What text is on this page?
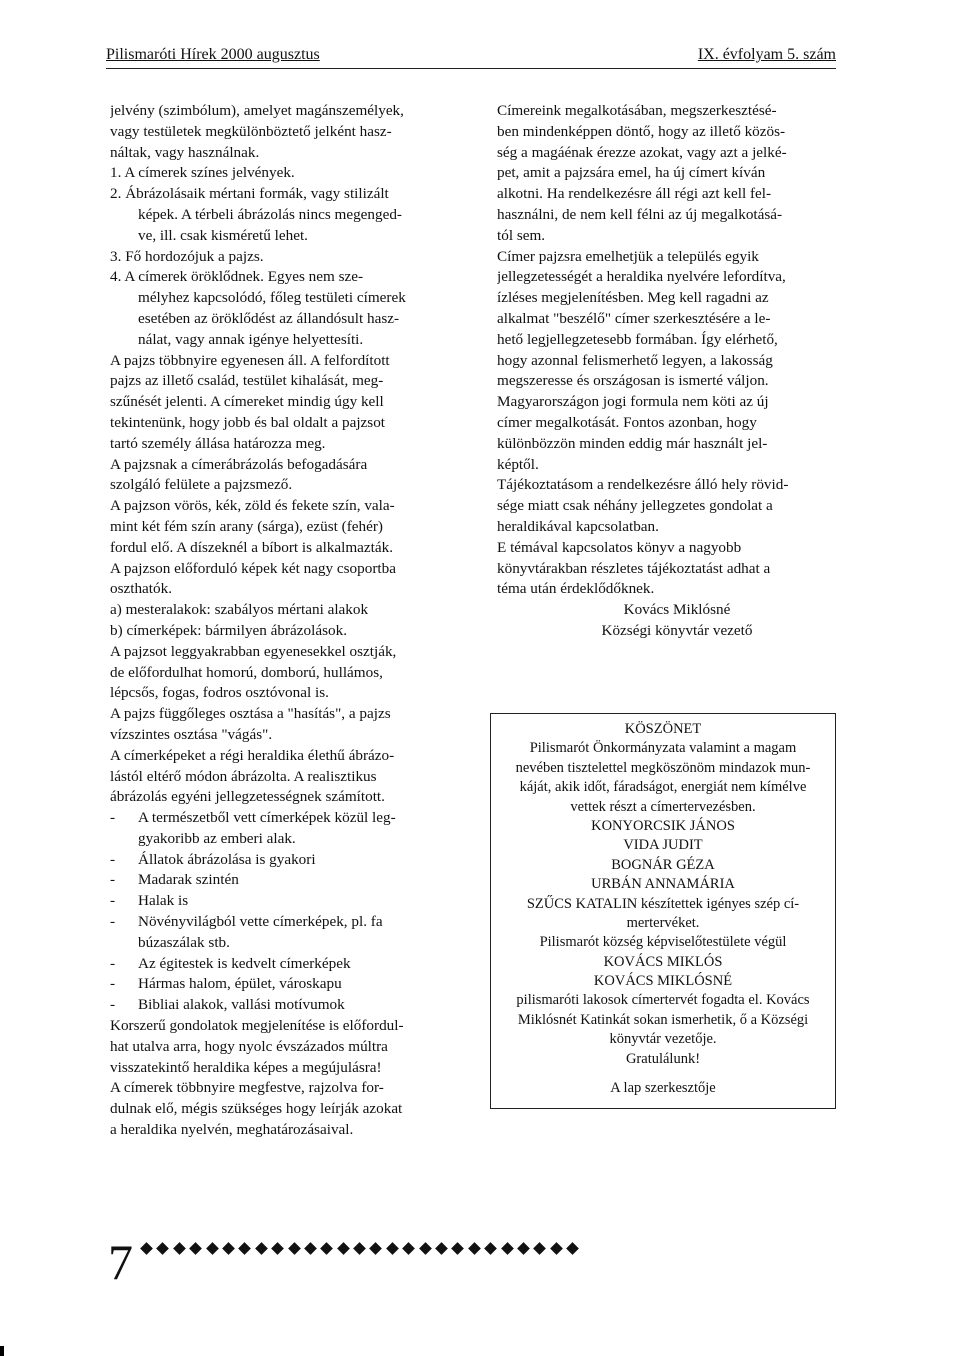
Pilismaróti Hírek 2000 augusztus	IX. évfolyam 5. szám
jelvény (szimbólum), amelyet magánszemélyek,
vagy testületek megkülönböztető jelként hasz-
náltak, vagy használnak.
1. A címerek színes jelvények.
2. Ábrázolásaik mértani formák, vagy stilizált
képek. A térbeli ábrázolás nincs megenged-
ve, ill. csak kisméretű lehet.
3. Fő hordozójuk a pajzs.
4. A címerek öröklődnek. Egyes nem sze-
mélyhez kapcsolódó, főleg testületi címerek
esetében az öröklődést az állandósult hasz-
nálat, vagy annak igénye helyettesíti.
A pajzs többnyire egyenesen áll. A felfordított
pajzs az illető család, testület kihalását, meg-
szűnését jelenti. A címereket mindig úgy kell
tekintenünk, hogy jobb és bal oldalt a pajzsot
tartó személy állása határozza meg.
A pajzsnak a címerábrázolás befogadására
szolgáló felülete a pajzsmező.
A pajzson vörös, kék, zöld és fekete szín, vala-
mint két fém szín arany (sárga), ezüst (fehér)
fordul elő. A díszeknél a bíbort is alkalmazták.
A pajzson előforduló képek két nagy csoportba
oszthatók.
a) mesteralakok: szabályos mértani alakok
b) címerképek: bármilyen ábrázolások.
A pajzsot leggyakrabban egyenesekkel osztják,
de előfordulhat homorú, domború, hullámos,
lépcsős, fogas, fodros osztóvonal is.
A pajzs függőleges osztása a "hasítás", a pajzs
vízszintes osztása "vágás".
A címerképeket a régi heraldika élethű ábrázo-
lástól eltérő módon ábrázolta. A realisztikus
ábrázolás egyéni jellegzetességnek számított.
- A természetből vett címerképek közül leg-
gyakoribb az emberi alak.
- Állatok ábrázolása is gyakori
- Madarak szintén
- Halak is
- Növényvilágból vette címerképek, pl. fa
búzaszálak stb.
- Az égitestek is kedvelt címerképek
- Hármas halom, épület, városkapu
- Bibliai alakok, vallási motívumok
Korszerű gondolatok megjelenítése is előfordul-
hat utalva arra, hogy nyolc évszázados múltra
visszatekintő heraldika képes a megújulásra!
A címerek többnyire megfestve, rajzolva for-
dulnak elő, mégis szükséges hogy leírják azokat
a heraldika nyelvén, meghatározásaival.
Címereink megalkotásában, megszerkesztésé-
ben mindenképpen döntő, hogy az illető közös-
ség a magáénak érezze azokat, vagy azt a jelké-
pet, amit a pajzsára emel, ha új címert kíván
alkotni. Ha rendelkezésre áll régi azt kell fel-
használni, de nem kell félni az új megalkotásá-
tól sem.
Címer pajzsra emelhetjük a település egyik
jellegzetességét a heraldika nyelvére lefordítva,
ízléses megjelenítésben. Meg kell ragadni az
alkalmat "beszélő" címer szerkesztésére a le-
hető legjellegzetesebb formában. Így elérhető,
hogy azonnal felismerhető legyen, a lakosság
megszeresse és országosan is ismerté váljon.
Magyarországon jogi formula nem köti az új
címer megalkotását. Fontos azonban, hogy
különbözzön minden eddig már használt jel-
képtől.
Tájékoztatásom a rendelkezésre álló hely rövid-
sége miatt csak néhány jellegzetes gondolat a
heraldikával kapcsolatban.
E témával kapcsolatos könyv a nagyobb
könyvtárakban részletes tájékoztatást adhat a
téma után érdeklődőknek.
Kovács Miklósné
Községi könyvtár vezető
KÖSZÖNET
Pilismarót Önkormányzata valamint a magam
nevében tisztelettel megköszönöm mindazok mun-
káját, akik időt, fáradságot, energiát nem kímélve
vettek részt a címertervezésben.
KONYORCSIK JÁNOS
VIDA JUDIT
BOGNÁR GÉZA
URBÁN ANNAMÁRIA
SZŰCS KATALIN készítettek igényes szép cí-
mertervéket.
Pilismarót község képviselőtestülete végül
KOVÁCS MIKLÓS
KOVÁCS MIKLÓSNÉ
pilismaróti lakosok címertervét fogadta el. Kovács
Miklósnét Katinkát sokan ismerhetik, ő a Községi
könyvtár vezetője.
Gratulálunk!
A lap szerkesztője
7
